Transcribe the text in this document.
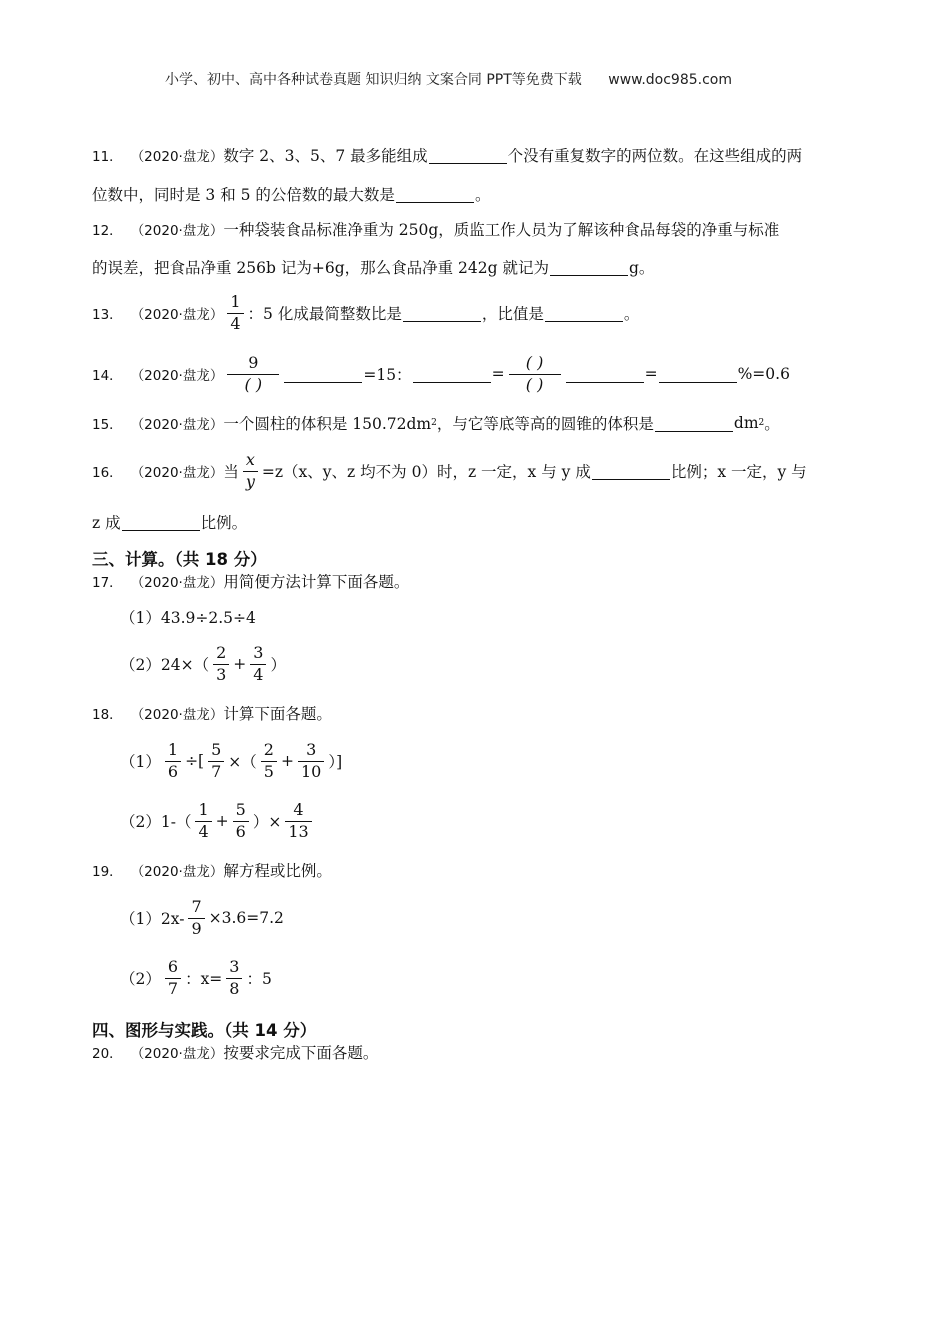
小学、初中、高中各种试卷真题 知识归纳 文案合同 PPT等免费下载 www.doc985.com
11． （2020·盘龙） 数字 2、3、5、7 最多能组成	个没有重复数字的两位数。在这些组成的两
位数中，同时是 3 和 5 的公倍数的最大数是	。
12． （2020·盘龙） 一种袋装食品标准净重为 250g，质监工作人员为了解该种食品每袋的净重与标准
的误差，把食品净重 256b 记为+6g，那么食品净重 242g 就记为	g。
13． （2020·盘龙） $\frac{1}{4}$ ：5 化成最简整数比是	，比值是	。
14． （2020·盘龙） $\frac{9}{( )}$	=15：	= $\frac{( )}{( )}$	=	%=0.6
15． （2020·盘龙） 一个圆柱的体积是 150.72dm 2 ，与它等底等高的圆锥的体积是	dm 2 。
16． （2020·盘龙） 当 $\frac{x}{y} =z(x$、y、z 均不为 0）时，z 一定，x 与 y 成	比例；x 一定，y 与
z 成	比例。
三、计算。（共 18 分）
17． （2020·盘龙） 用简便方法计算下面各题。
（1）43.9÷2.5÷4
$(2)24\times( \frac{2}{3} + \frac{3}{4}$ ）
18． （2020·盘龙） 计算下面各题。
$(1) \frac{1}{6}$ ÷[ $\frac{5}{7}$ ×（ $\frac{2}{5} + \frac{3}{10}$ ）]
$(2)1-( \frac{1}{4} + \frac{5}{6}$ ）× $\frac{4}{13}$
19． （2020·盘龙） 解方程或比例。
$(1)2x- \frac{7}{9} \times 3.6=7.2$
$(2) \frac{6}{7}$ ：$x= \frac{3}{8}$ ：5
四、图形与实践。（共 14 分）
20． （2020·盘龙） 按要求完成下面各题。
